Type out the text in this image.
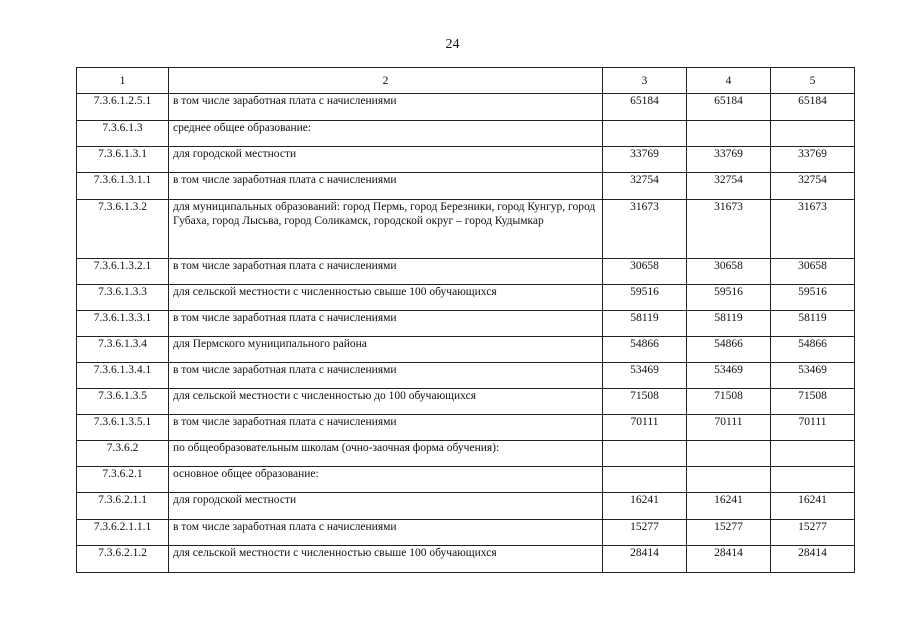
24
1	2	3	4	5
7.3.6.1.2.5.1	в том числе заработная плата с начислениями	65184	65184	65184
7.3.6.1.3	среднее общее образование:			
7.3.6.1.3.1	для городской местности	33769	33769	33769
7.3.6.1.3.1.1	в том числе заработная плата с начислениями	32754	32754	32754
7.3.6.1.3.2	для муниципальных образований: город Пермь, город Березники, город Кунгур, город Губаха, город Лысьва, город Соликамск, городской округ – город Кудымкар	31673	31673	31673
7.3.6.1.3.2.1	в том числе заработная плата с начислениями	30658	30658	30658
7.3.6.1.3.3	для сельской местности с численностью свыше 100 обучающихся	59516	59516	59516
7.3.6.1.3.3.1	в том числе заработная плата с начислениями	58119	58119	58119
7.3.6.1.3.4	для Пермского муниципального района	54866	54866	54866
7.3.6.1.3.4.1	в том числе заработная плата с начислениями	53469	53469	53469
7.3.6.1.3.5	для сельской местности с численностью до 100 обучающихся	71508	71508	71508
7.3.6.1.3.5.1	в том числе заработная плата с начислениями	70111	70111	70111
7.3.6.2	по общеобразовательным школам (очно-заочная форма обучения):			
7.3.6.2.1	основное общее образование:			
7.3.6.2.1.1	для городской местности	16241	16241	16241
7.3.6.2.1.1.1	в том числе заработная плата с начислениями	15277	15277	15277
7.3.6.2.1.2	для сельской местности с численностью свыше 100 обучающихся	28414	28414	28414
